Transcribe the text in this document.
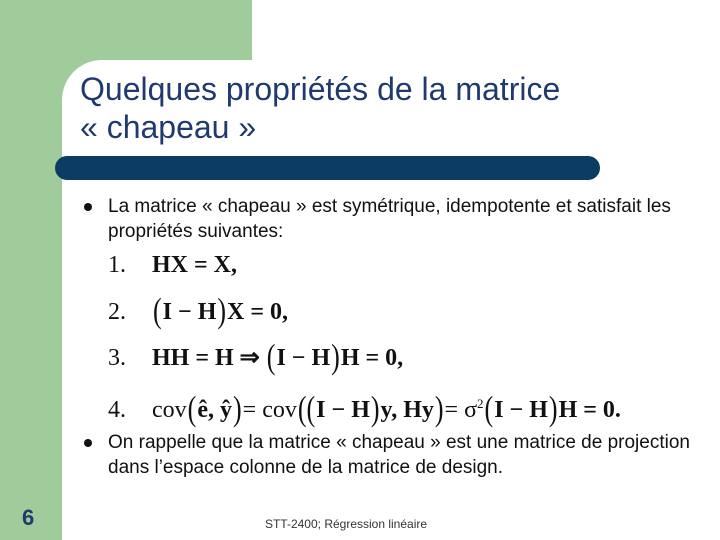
Quelques propriétés de la matrice
« chapeau »
La matrice « chapeau » est symétrique, idempotente et satisfait les propriétés suivantes:
1. HX = X,
2. (I − H)X = 0,
3. HH = H ⇒ (I − H)H = 0,
4. cov(ê, ŷ)= cov((I − H)y, $Hy)= \sigma^2(I - H)H = 0$.
On rappelle que la matrice « chapeau » est une matrice de projection dans l’espace colonne de la matrice de design.
6	STT-2400; Régression linéaire
